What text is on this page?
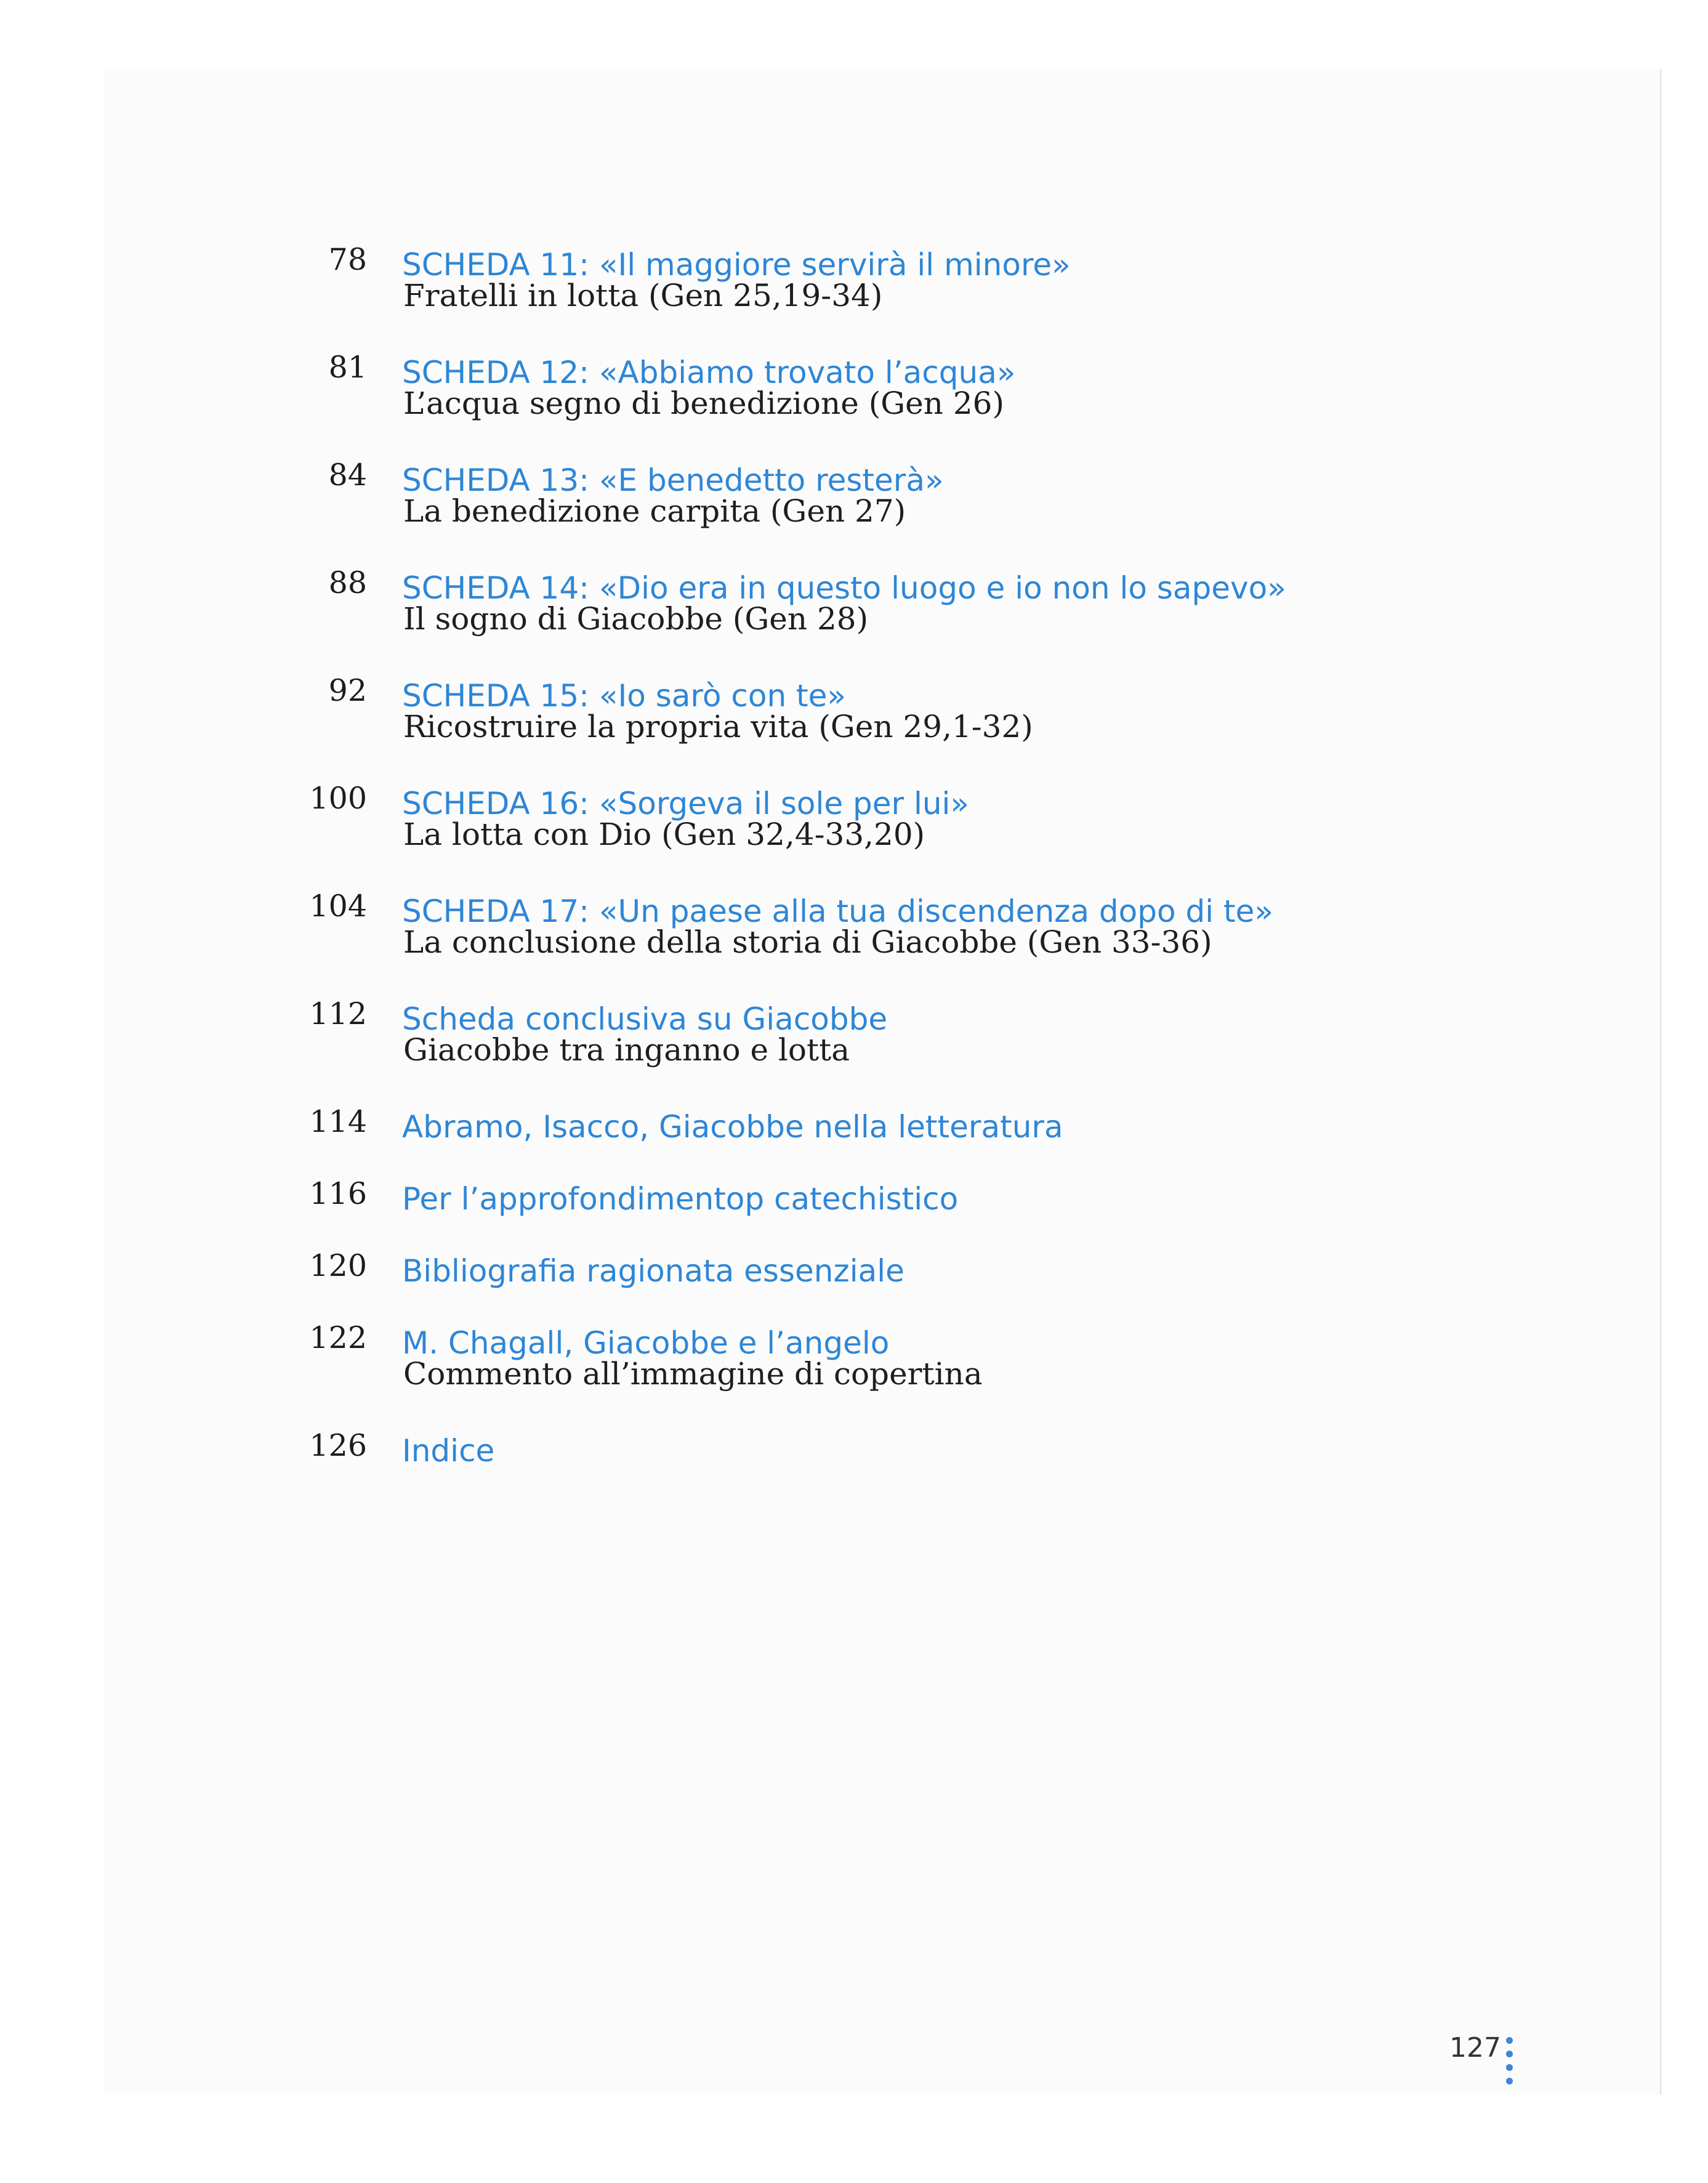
78 SCHEDA 11: «Il maggiore servirà il minore»
Fratelli in lotta (Gen 25,19-34)
81 SCHEDA 12: «Abbiamo trovato l’acqua»
L’acqua segno di benedizione (Gen 26)
84 SCHEDA 13: «E benedetto resterà»
La benedizione carpita (Gen 27)
88 SCHEDA 14: «Dio era in questo luogo e io non lo sapevo»
Il sogno di Giacobbe (Gen 28)
92 SCHEDA 15: «Io sarò con te»
Ricostruire la propria vita (Gen 29,1-32)
100 SCHEDA 16: «Sorgeva il sole per lui»
La lotta con Dio (Gen 32,4-33,20)
104 SCHEDA 17: «Un paese alla tua discendenza dopo di te»
La conclusione della storia di Giacobbe (Gen 33-36)
112 Scheda conclusiva su Giacobbe
Giacobbe tra inganno e lotta
114 Abramo, Isacco, Giacobbe nella letteratura
116 Per l’approfondimentop catechistico
120 Bibliografia ragionata essenziale
122 M. Chagall, Giacobbe e l’angelo
Commento all’immagine di copertina
126 Indice
127
